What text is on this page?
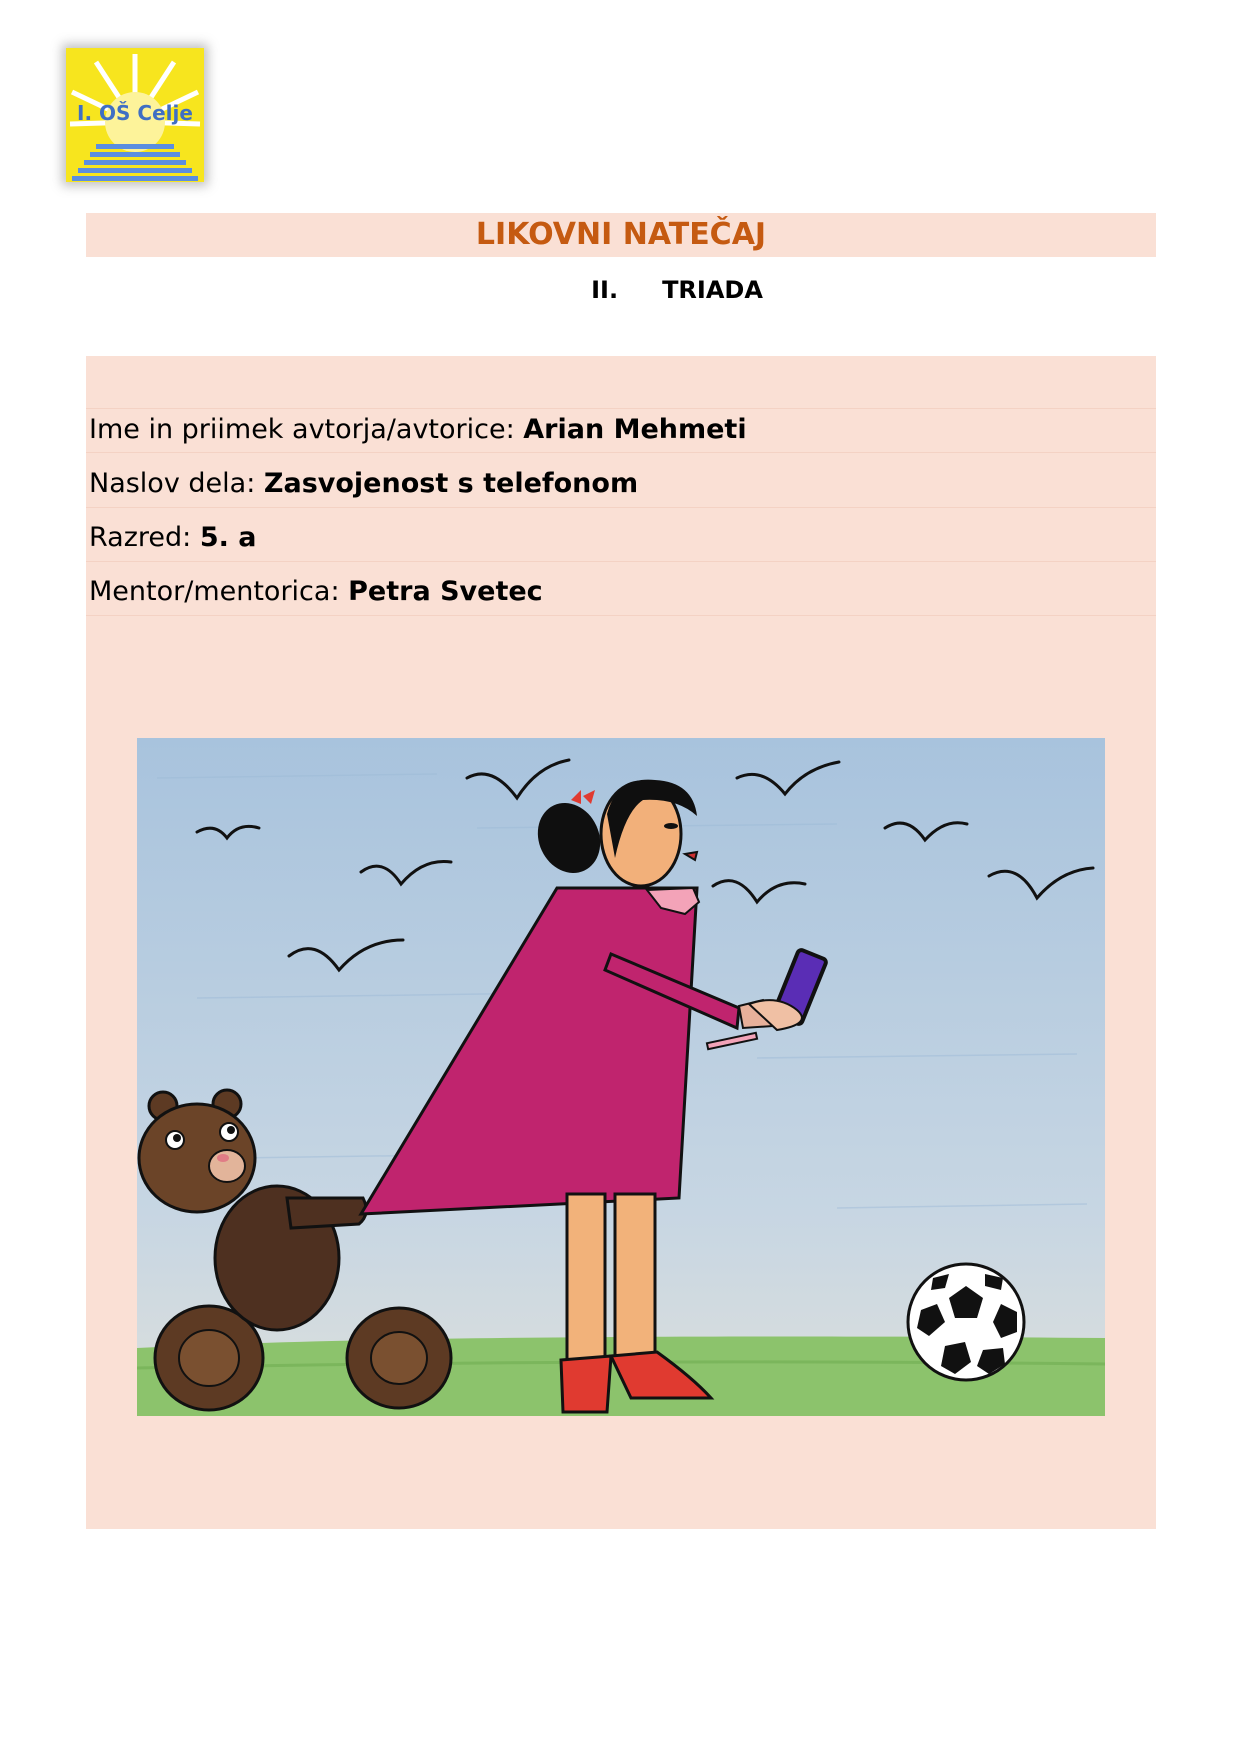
I. OŠ Celje
LIKOVNI NATEČAJ
II. TRIADA
Ime in priimek avtorja/avtorice: Arian Mehmeti
Naslov dela: Zasvojenost s telefonom
Razred: 5. a
Mentor/mentorica: Petra Svetec
